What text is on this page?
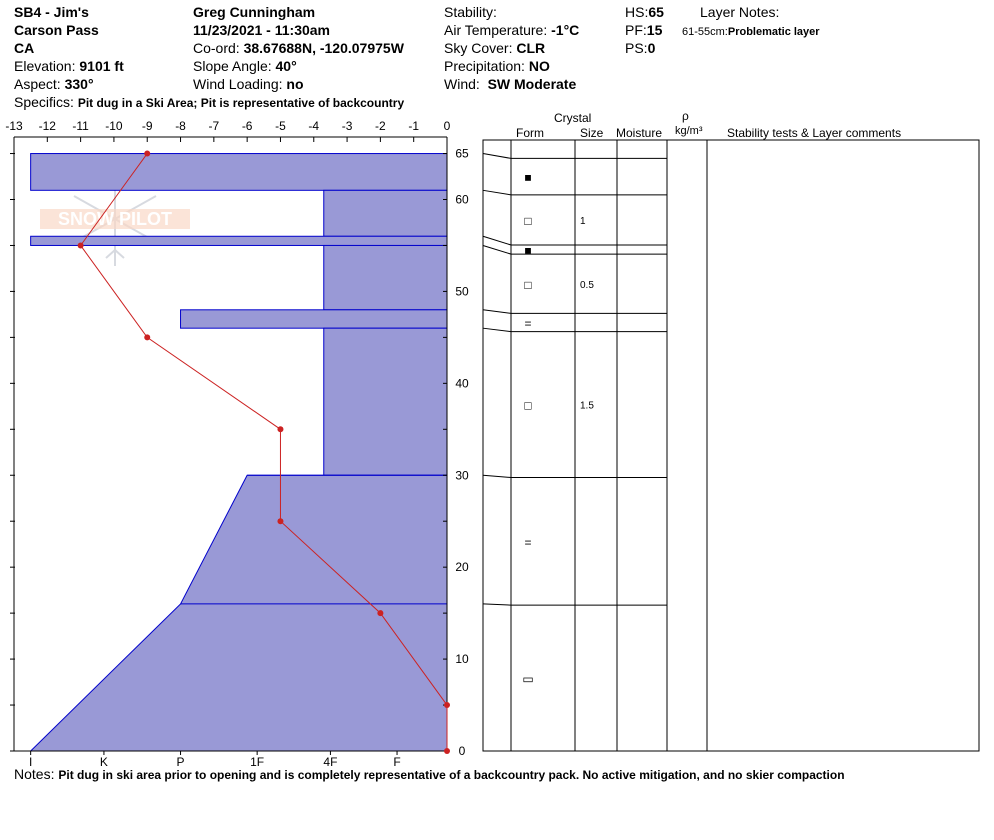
SB4 - Jim's
Carson Pass
CA
Elevation: 9101 ft
Aspect: 330°
Specifics: Pit dug in a Ski Area; Pit is representative of backcountry
Greg Cunningham
11/23/2021 - 11:30am
Co-ord: 38.67688N, -120.07975W
Slope Angle: 40°
Wind Loading: no
Stability:
Air Temperature: -1°C
Sky Cover: CLR
Precipitation: NO
Wind: SW Moderate
HS:65
PF:15
PS:0
Layer Notes:
61-55cm:Problematic layer
Crystal
Form	Size Moisture
ρ
kg/m³ Stability tests & Layer comments
SNOW PILOT
-13 -12 -11 -10 -9 -8 -7 -6 -5 -4 -3 -2 -1 0
0
10
20
30
40
50
60
65
I	K	P	1F	4F	F
■
□	1
■
□	0.5
=
□	1.5
=
▭
Notes: Pit dug in ski area prior to opening and is completely representative of a backcountry pack. No active mitigation, and no skier compaction
